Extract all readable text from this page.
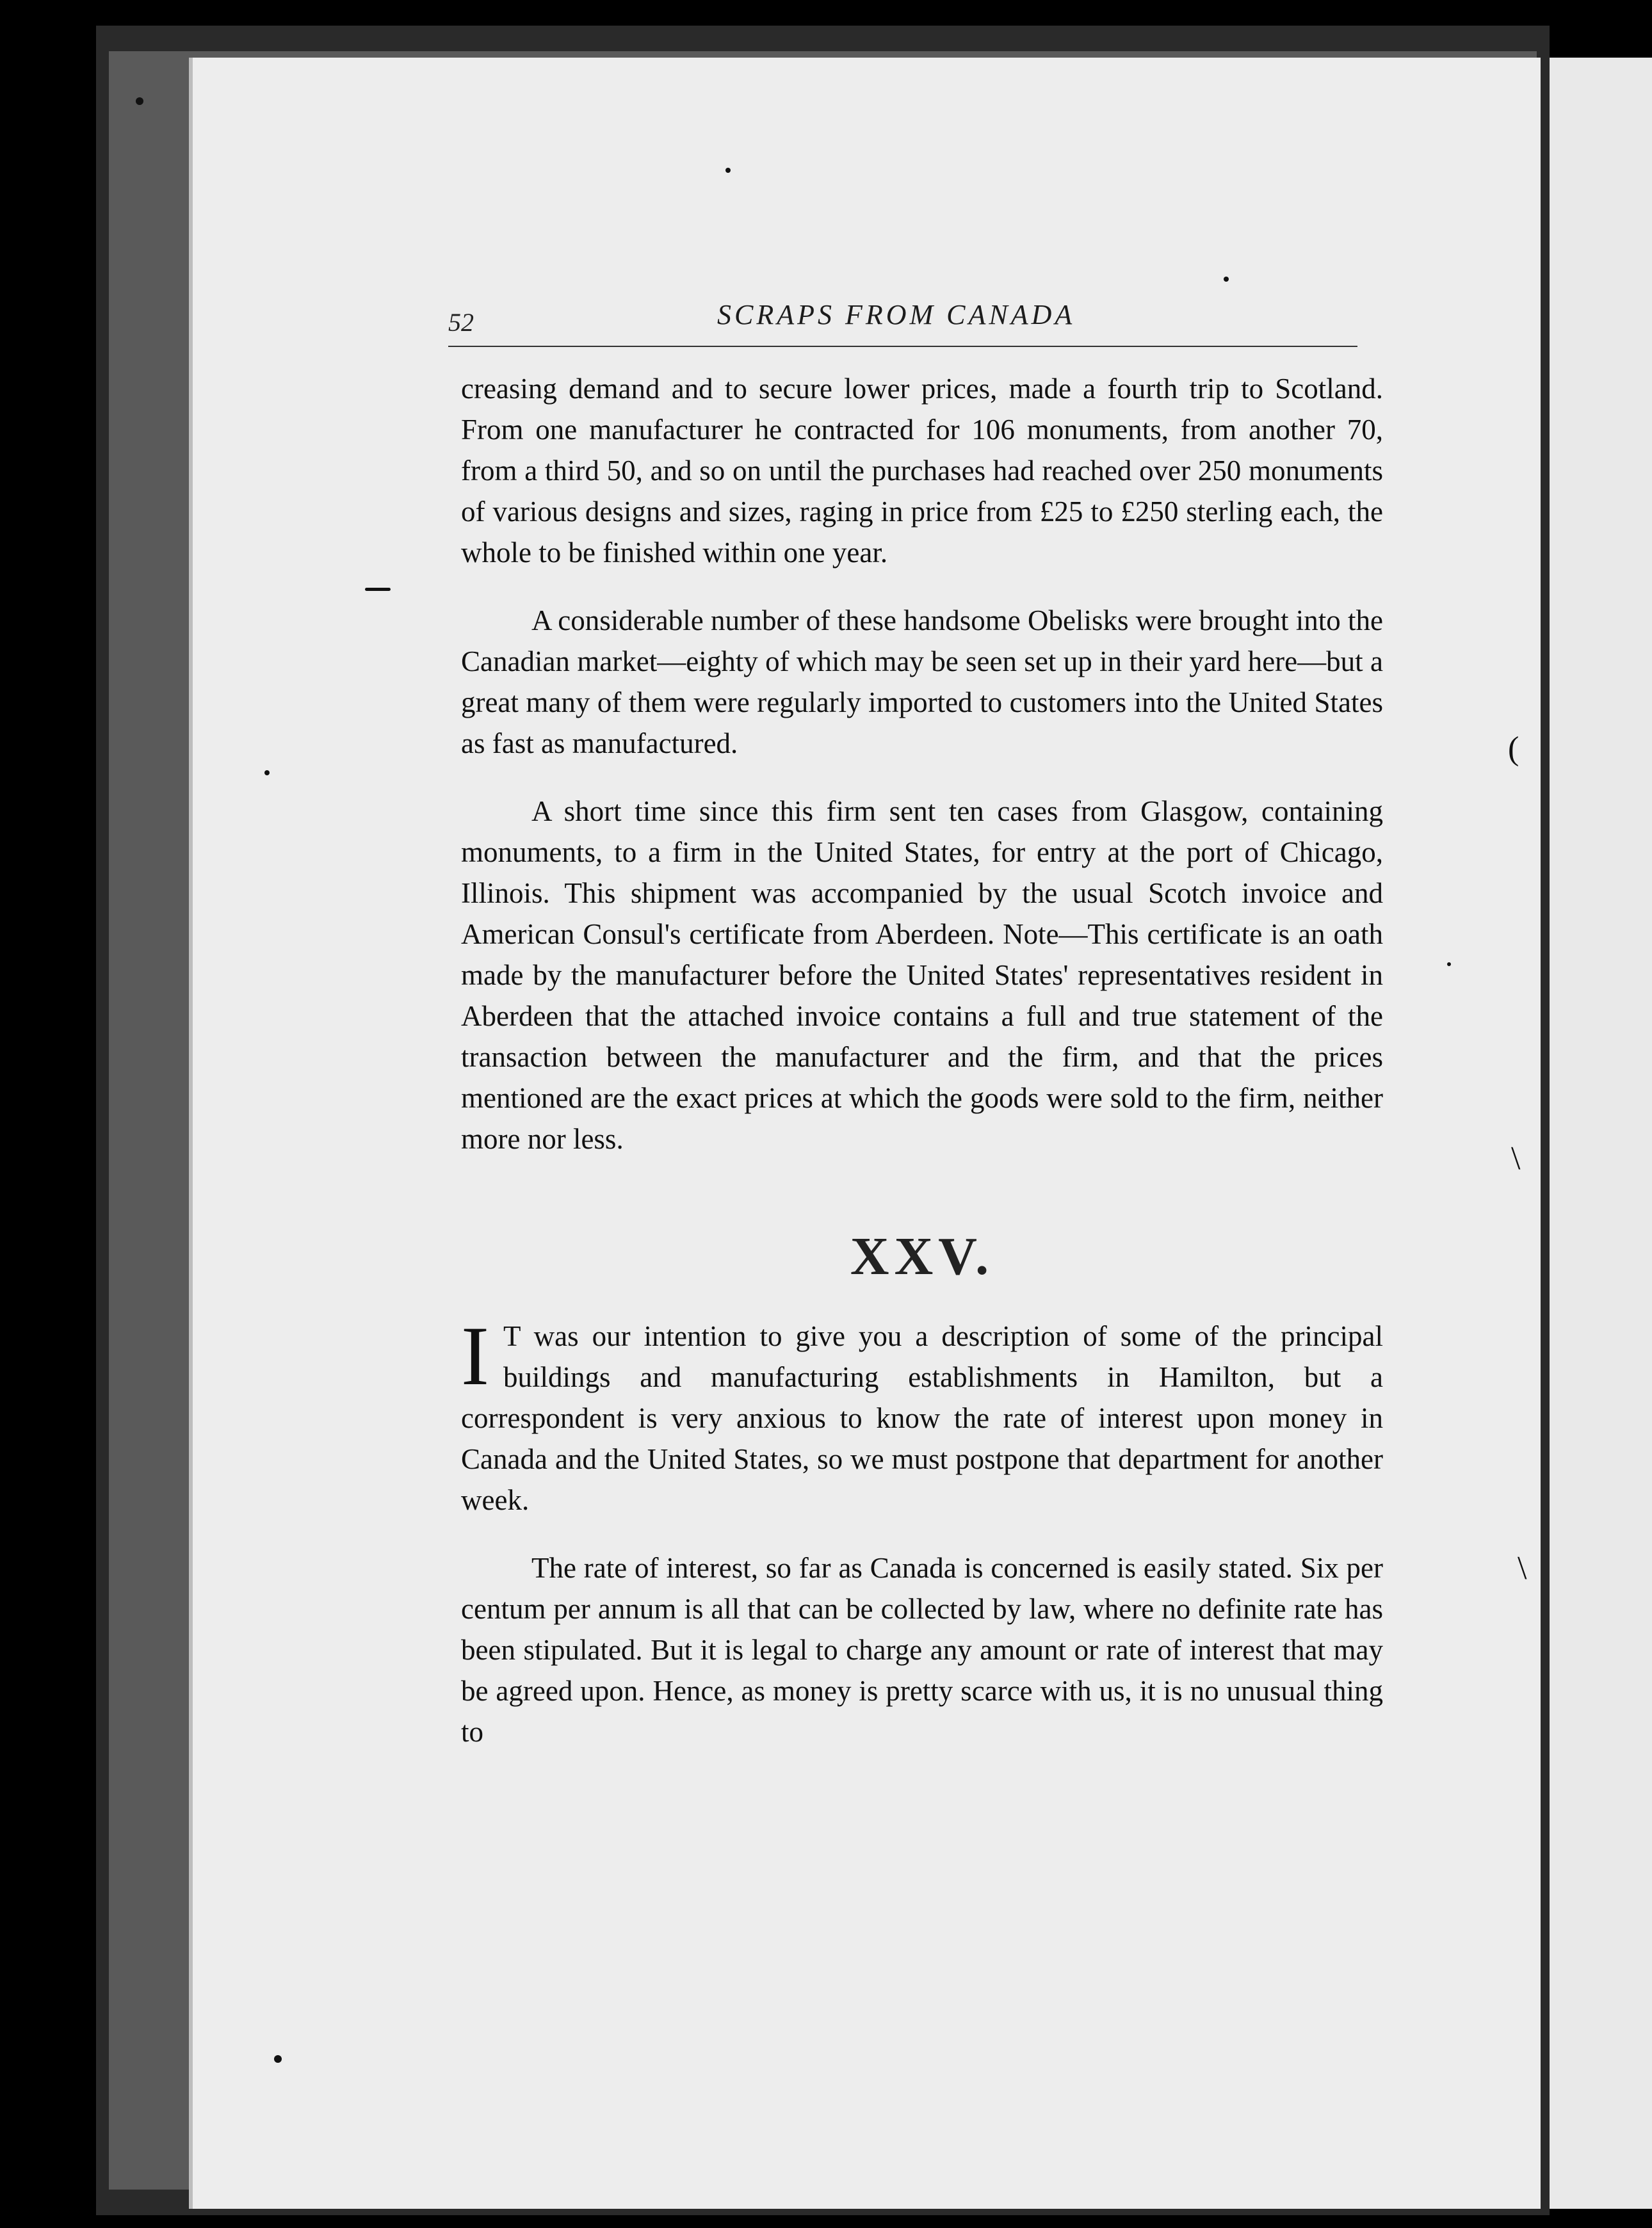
52	SCRAPS FROM CANADA

creasing demand and to secure lower prices, made a fourth trip to Scotland. From one manufacturer he contracted for 106 monuments, from another 70, from a third 50, and so on until the purchases had reached over 250 monuments of various designs and sizes, raging in price from £25 to £250 sterling each, the whole to be finished within one year.

A considerable number of these handsome Obelisks were brought into the Canadian market—eighty of which may be seen set up in their yard here—but a great many of them were regularly imported to customers into the United States as fast as manufactured.

A short time since this firm sent ten cases from Glasgow, containing monuments, to a firm in the United States, for entry at the port of Chicago, Illinois. This shipment was accompanied by the usual Scotch invoice and American Consul's certificate from Aberdeen. Note—This certificate is an oath made by the manufacturer before the United States' representatives resident in Aberdeen that the attached invoice contains a full and true statement of the transaction between the manufacturer and the firm, and that the prices mentioned are the exact prices at which the goods were sold to the firm, neither more nor less.

XXV.

I T was our intention to give you a description of some of the principal buildings and manufacturing establishments in Hamilton, but a correspondent is very anxious to know the rate of interest upon money in Canada and the United States, so we must postpone that department for another week.

The rate of interest, so far as Canada is concerned is easily stated. Six per centum per annum is all that can be collected by law, where no definite rate has been stipulated. But it is legal to charge any amount or rate of interest that may be agreed upon. Hence, as money is pretty scarce with us, it is no unusual thing to

(
\
\
